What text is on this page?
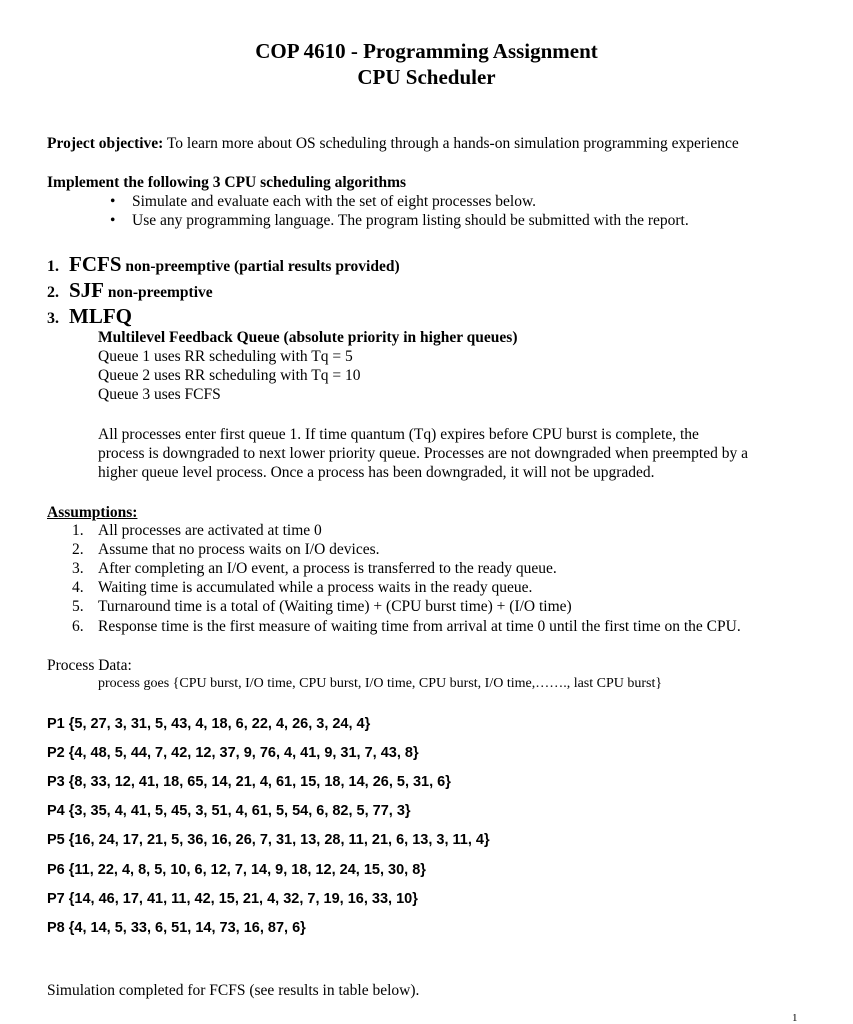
COP 4610 - Programming Assignment
CPU Scheduler
Project objective: To learn more about OS scheduling through a hands-on simulation programming experience
Implement the following 3 CPU scheduling algorithms
• Simulate and evaluate each with the set of eight processes below.
• Use any programming language. The program listing should be submitted with the report.
1. FCFS non-preemptive (partial results provided)
2. SJF non-preemptive
3. MLFQ
Multilevel Feedback Queue (absolute priority in higher queues)
Queue 1 uses RR scheduling with Tq = 5
Queue 2 uses RR scheduling with Tq = 10
Queue 3 uses FCFS
All processes enter first queue 1. If time quantum (Tq) expires before CPU burst is complete, the
process is downgraded to next lower priority queue. Processes are not downgraded when preempted by a
higher queue level process. Once a process has been downgraded, it will not be upgraded.
Assumptions:
1. All processes are activated at time 0
2. Assume that no process waits on I/O devices.
3. After completing an I/O event, a process is transferred to the ready queue.
4. Waiting time is accumulated while a process waits in the ready queue.
5. Turnaround time is a total of (Waiting time) + (CPU burst time) + (I/O time)
6. Response time is the first measure of waiting time from arrival at time 0 until the first time on the CPU.
Process Data:
process goes {CPU burst, I/O time, CPU burst, I/O time, CPU burst, I/O time,……., last CPU burst}
P1 {5, 27, 3, 31, 5, 43, 4, 18, 6, 22, 4, 26, 3, 24, 4}
P2 {4, 48, 5, 44, 7, 42, 12, 37, 9, 76, 4, 41, 9, 31, 7, 43, 8}
P3 {8, 33, 12, 41, 18, 65, 14, 21, 4, 61, 15, 18, 14, 26, 5, 31, 6}
P4 {3, 35, 4, 41, 5, 45, 3, 51, 4, 61, 5, 54, 6, 82, 5, 77, 3}
P5 {16, 24, 17, 21, 5, 36, 16, 26, 7, 31, 13, 28, 11, 21, 6, 13, 3, 11, 4}
P6 {11, 22, 4, 8, 5, 10, 6, 12, 7, 14, 9, 18, 12, 24, 15, 30, 8}
P7 {14, 46, 17, 41, 11, 42, 15, 21, 4, 32, 7, 19, 16, 33, 10}
P8 {4, 14, 5, 33, 6, 51, 14, 73, 16, 87, 6}
Simulation completed for FCFS (see results in table below).
1
